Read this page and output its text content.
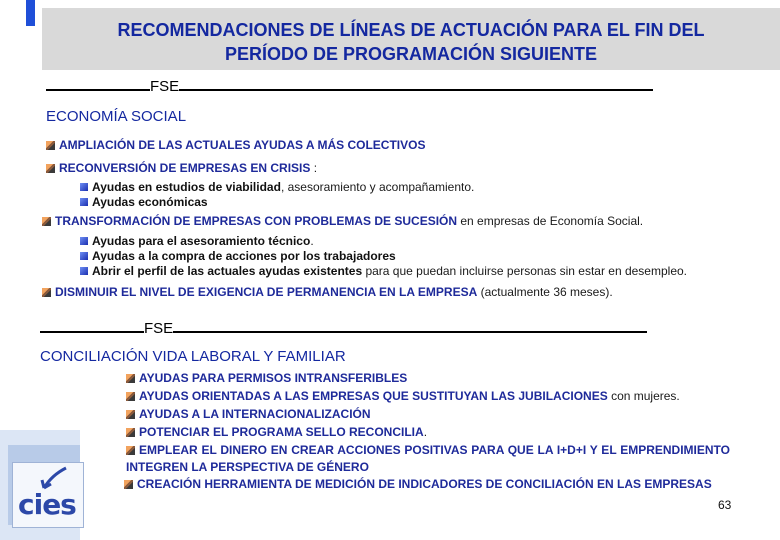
RECOMENDACIONES DE LÍNEAS DE ACTUACIÓN PARA EL FIN DEL
PERÍODO DE PROGRAMACIÓN SIGUIENTE
FSE
ECONOMÍA SOCIAL
AMPLIACIÓN DE LAS ACTUALES AYUDAS A MÁS COLECTIVOS
RECONVERSIÓN DE EMPRESAS EN CRISIS :
Ayudas en estudios de viabilidad, asesoramiento y acompañamiento.
Ayudas económicas
TRANSFORMACIÓN DE EMPRESAS CON PROBLEMAS DE SUCESIÓN en empresas de Economía Social.
Ayudas para el asesoramiento técnico.
Ayudas a la compra de acciones por los trabajadores
Abrir el perfil de las actuales ayudas existentes para que puedan incluirse personas sin estar en desempleo.
DISMINUIR EL NIVEL DE EXIGENCIA DE PERMANENCIA EN LA EMPRESA (actualmente 36 meses).
FSE
CONCILIACIÓN VIDA LABORAL Y FAMILIAR
AYUDAS PARA PERMISOS INTRANSFERIBLES
AYUDAS ORIENTADAS A LAS EMPRESAS QUE SUSTITUYAN LAS JUBILACIONES con mujeres.
AYUDAS A LA INTERNACIONALIZACIÓN
POTENCIAR EL PROGRAMA SELLO RECONCILIA.
EMPLEAR EL DINERO EN CREAR ACCIONES POSITIVAS PARA QUE LA I+D+I Y EL EMPRENDIMIENTO INTEGREN LA PERSPECTIVA DE GÉNERO
CREACIÓN HERRAMIENTA DE MEDICIÓN DE INDICADORES DE CONCILIACIÓN EN LAS EMPRESAS
63
cies
